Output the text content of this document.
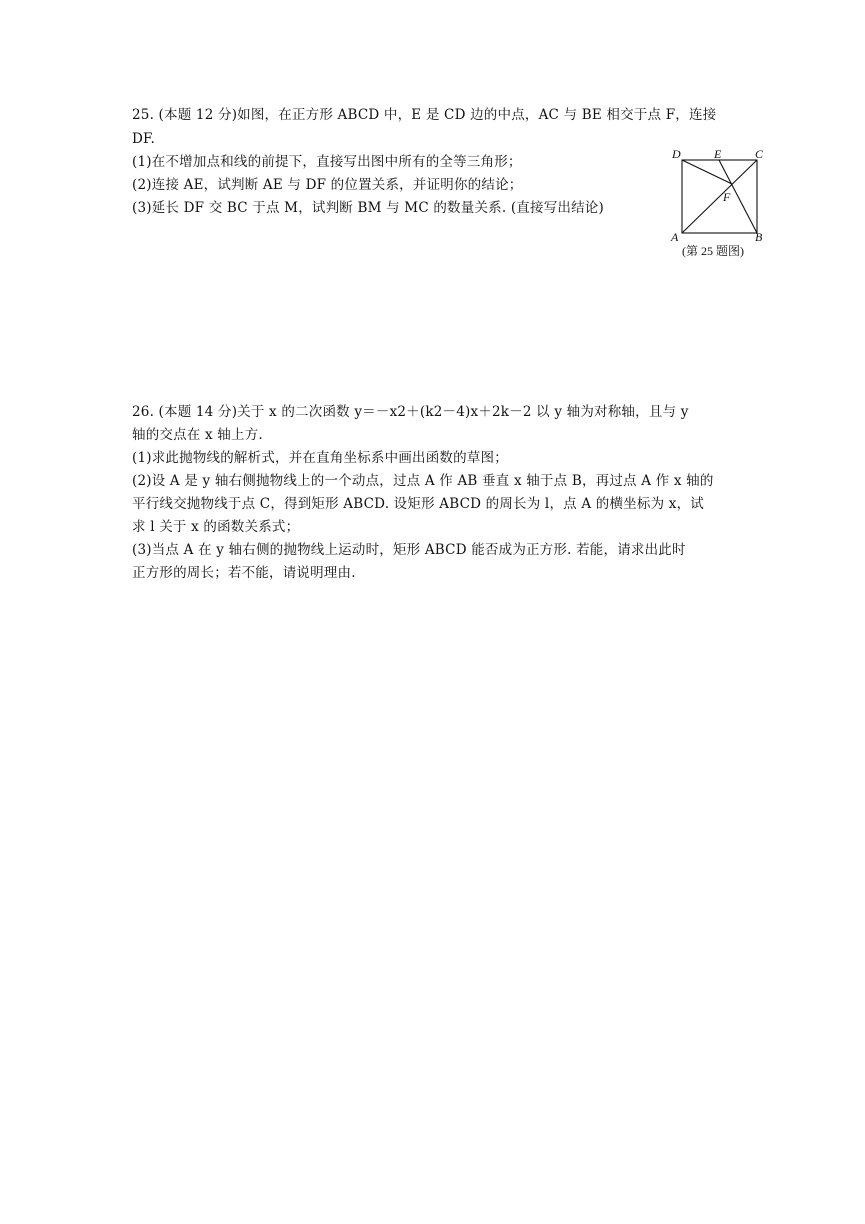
25. (本题 12 分)如图，在正方形 ABCD 中，E 是 CD 边的中点，AC 与 BE 相交于点 F，连接
DF.
(1)在不增加点和线的前提下，直接写出图中所有的全等三角形；
(2)连接 AE，试判断 AE 与 DF 的位置关系，并证明你的结论；
(3)延长 DF 交 BC 于点 M，试判断 BM 与 MC 的数量关系. (直接写出结论)
D	E	C
F
A	B
(第 25 题图)
26. (本题 14 分)关于 x 的二次函数 y＝－x2＋(k2－4)x＋2k－2 以 y 轴为对称轴，且与 y
轴的交点在 x 轴上方.
(1)求此抛物线的解析式，并在直角坐标系中画出函数的草图；
(2)设 A 是 y 轴右侧抛物线上的一个动点，过点 A 作 AB 垂直 x 轴于点 B，再过点 A 作 x 轴的
平行线交抛物线于点 C，得到矩形 ABCD. 设矩形 ABCD 的周长为 l，点 A 的横坐标为 x，试
求 l 关于 x 的函数关系式；
(3)当点 A 在 y 轴右侧的抛物线上运动时，矩形 ABCD 能否成为正方形. 若能，请求出此时
正方形的周长；若不能，请说明理由.
